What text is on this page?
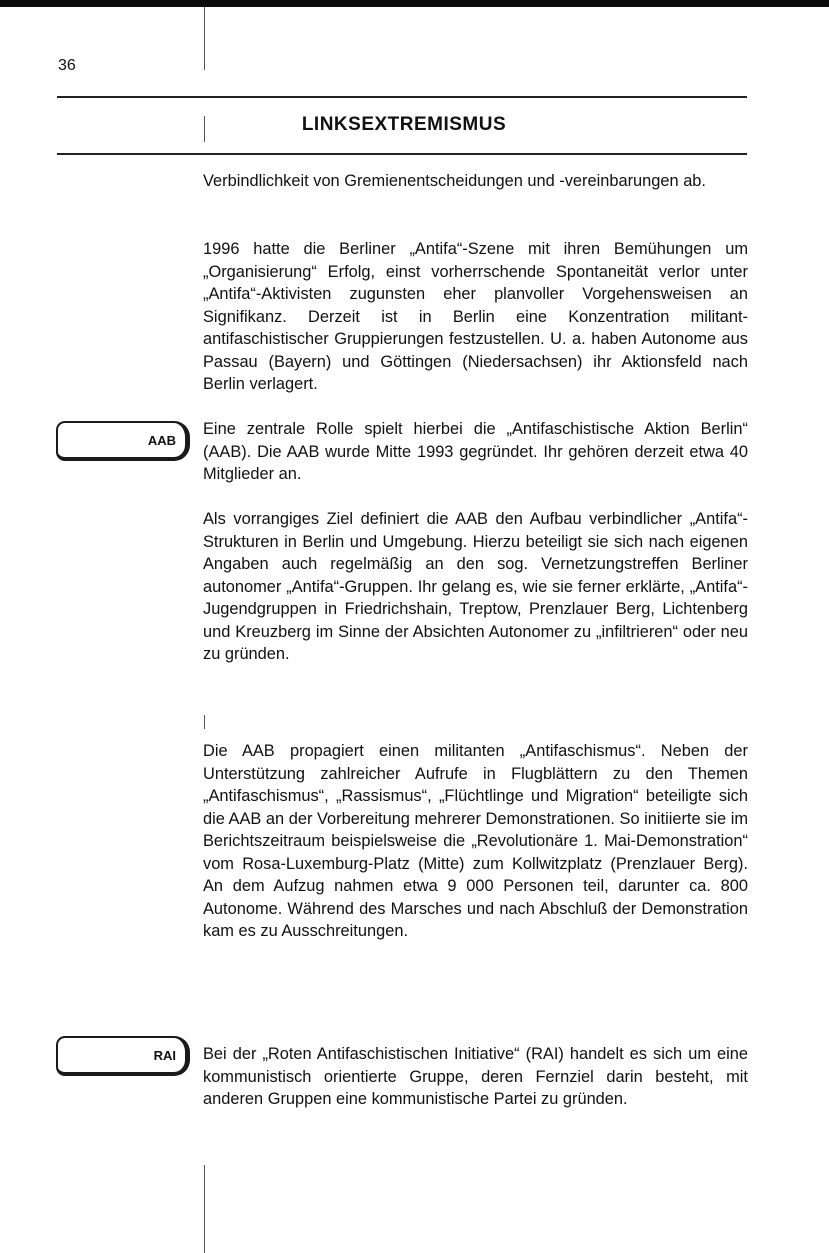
36
LINKSEXTREMISMUS

Verbindlichkeit von Gremienentscheidungen und -vereinbarungen ab.

1996 hatte die Berliner „Antifa“-Szene mit ihren Bemühungen um „Organisierung“ Erfolg, einst vorherrschende Spontaneität verlor unter „Antifa“-Aktivisten zugunsten eher planvoller Vorgehensweisen an Signifikanz. Derzeit ist in Berlin eine Konzentration militant-antifaschistischer Gruppierungen festzustellen. U. a. haben Autonome aus Passau (Bayern) und Göttingen (Niedersachsen) ihr Aktionsfeld nach Berlin verlagert.

AAB

Eine zentrale Rolle spielt hierbei die „Antifaschistische Aktion Berlin“ (AAB). Die AAB wurde Mitte 1993 gegründet. Ihr gehören derzeit etwa 40 Mitglieder an.

Als vorrangiges Ziel definiert die AAB den Aufbau verbindlicher „Antifa“-Strukturen in Berlin und Umgebung. Hierzu beteiligt sie sich nach eigenen Angaben auch regelmäßig an den sog. Vernetzungstreffen Berliner autonomer „Antifa“-Gruppen. Ihr gelang es, wie sie ferner erklärte, „Antifa“-Jugendgruppen in Friedrichshain, Treptow, Prenzlauer Berg, Lichtenberg und Kreuzberg im Sinne der Absichten Autonomer zu „infiltrieren“ oder neu zu gründen.

Die AAB propagiert einen militanten „Antifaschismus“. Neben der Unterstützung zahlreicher Aufrufe in Flugblättern zu den Themen „Antifaschismus“, „Rassismus“, „Flüchtlinge und Migration“ beteiligte sich die AAB an der Vorbereitung mehrerer Demonstrationen. So initiierte sie im Berichtszeitraum beispielsweise die „Revolutionäre 1. Mai-Demonstration“ vom Rosa-Luxemburg-Platz (Mitte) zum Kollwitzplatz (Prenzlauer Berg). An dem Aufzug nahmen etwa 9 000 Personen teil, darunter ca. 800 Autonome. Während des Marsches und nach Abschluß der Demonstration kam es zu Ausschreitungen.

RAI Bei der „Roten Antifaschistischen Initiative“ (RAI) handelt es sich um eine kommunistisch orientierte Gruppe, deren Fernziel darin besteht, mit anderen Gruppen eine kommunistische Partei zu gründen.
